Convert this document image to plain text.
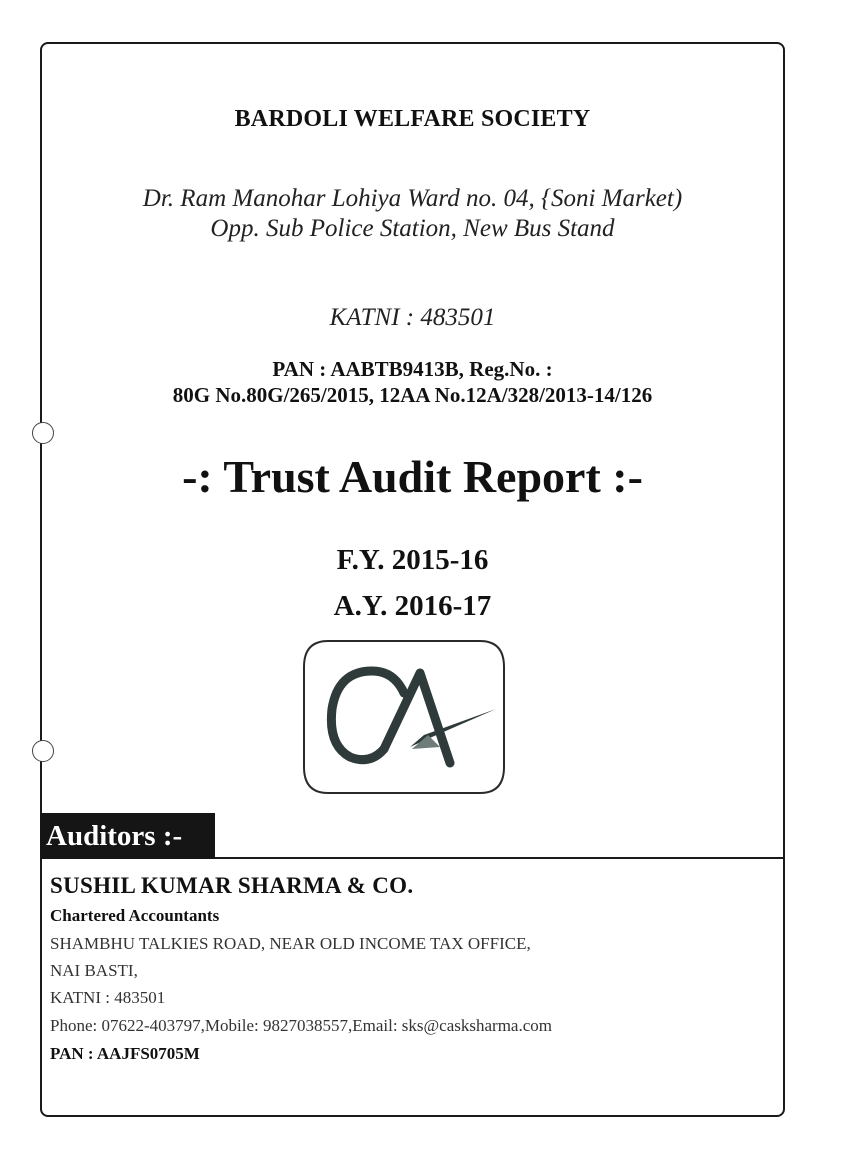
BARDOLI WELFARE SOCIETY
Dr. Ram Manohar Lohiya Ward no. 04, {Soni Market)
Opp. Sub Police Station, New Bus Stand
KATNI : 483501
PAN : AABTB9413B, Reg.No. :
80G No.80G/265/2015, 12AA No.12A/328/2013-14/126
-: Trust Audit Report :-
F.Y. 2015-16
A.Y. 2016-17
Auditors :-
SUSHIL KUMAR SHARMA & CO.
Chartered Accountants
SHAMBHU TALKIES ROAD, NEAR OLD INCOME TAX OFFICE,
NAI BASTI,
KATNI : 483501
Phone: 07622-403797,Mobile: 9827038557,Email: sks@casksharma.com
PAN : AAJFS0705M
